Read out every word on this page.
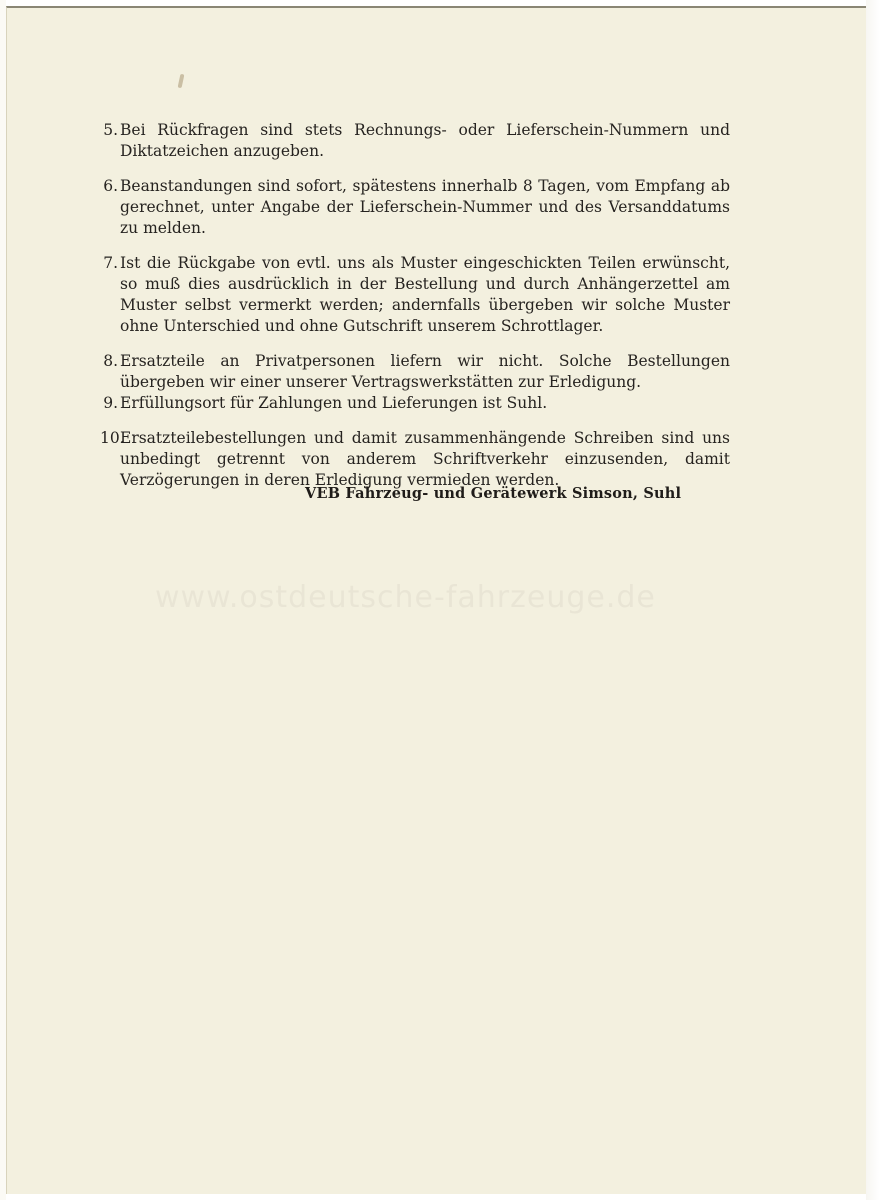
www.ostdeutsche-fahrzeuge.de
5. Bei Rückfragen sind stets Rechnungs- oder Lieferschein-Nummern und Diktatzeichen anzugeben.
6. Beanstandungen sind sofort, spätestens innerhalb 8 Tagen, vom Empfang ab gerechnet, unter Angabe der Lieferschein-Nummer und des Versanddatums zu melden.
7. Ist die Rückgabe von evtl. uns als Muster eingeschickten Teilen erwünscht, so muß dies ausdrücklich in der Bestellung und durch Anhängerzettel am Muster selbst vermerkt werden; andernfalls übergeben wir solche Muster ohne Unterschied und ohne Gutschrift unserem Schrottlager.
8. Ersatzteile an Privatpersonen liefern wir nicht. Solche Bestellungen übergeben wir einer unserer Vertragswerkstätten zur Erledigung.
9. Erfüllungsort für Zahlungen und Lieferungen ist Suhl.
10.
Ersatzteilebestellungen und damit zusammenhängende Schreiben sind uns unbedingt getrennt von anderem Schriftverkehr einzusenden, damit Verzögerungen in deren Erledigung vermieden werden.
VEB Fahrzeug- und Gerätewerk Simson, Suhl
